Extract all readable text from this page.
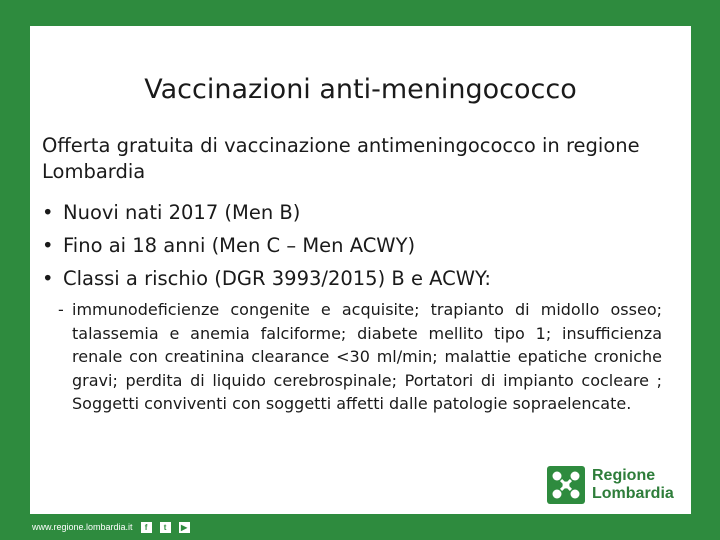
Vaccinazioni anti-meningococco
Offerta gratuita di vaccinazione antimeningococco in regione Lombardia
• Nuovi nati 2017 (Men B)
• Fino ai 18 anni (Men C – Men ACWY)
• Classi a rischio (DGR 3993/2015) B e ACWY:
- immunodeficienze congenite e acquisite; trapianto di midollo osseo; talassemia e anemia falciforme; diabete mellito tipo 1; insufficienza renale con creatinina clearance <30 ml/min; malattie epatiche croniche gravi; perdita di liquido cerebrospinale; Portatori di impianto cocleare ; Soggetti conviventi con soggetti affetti dalle patologie sopraelencate.
Regione
Lombardia
www.regione.lombardia.it	f	t	▶
